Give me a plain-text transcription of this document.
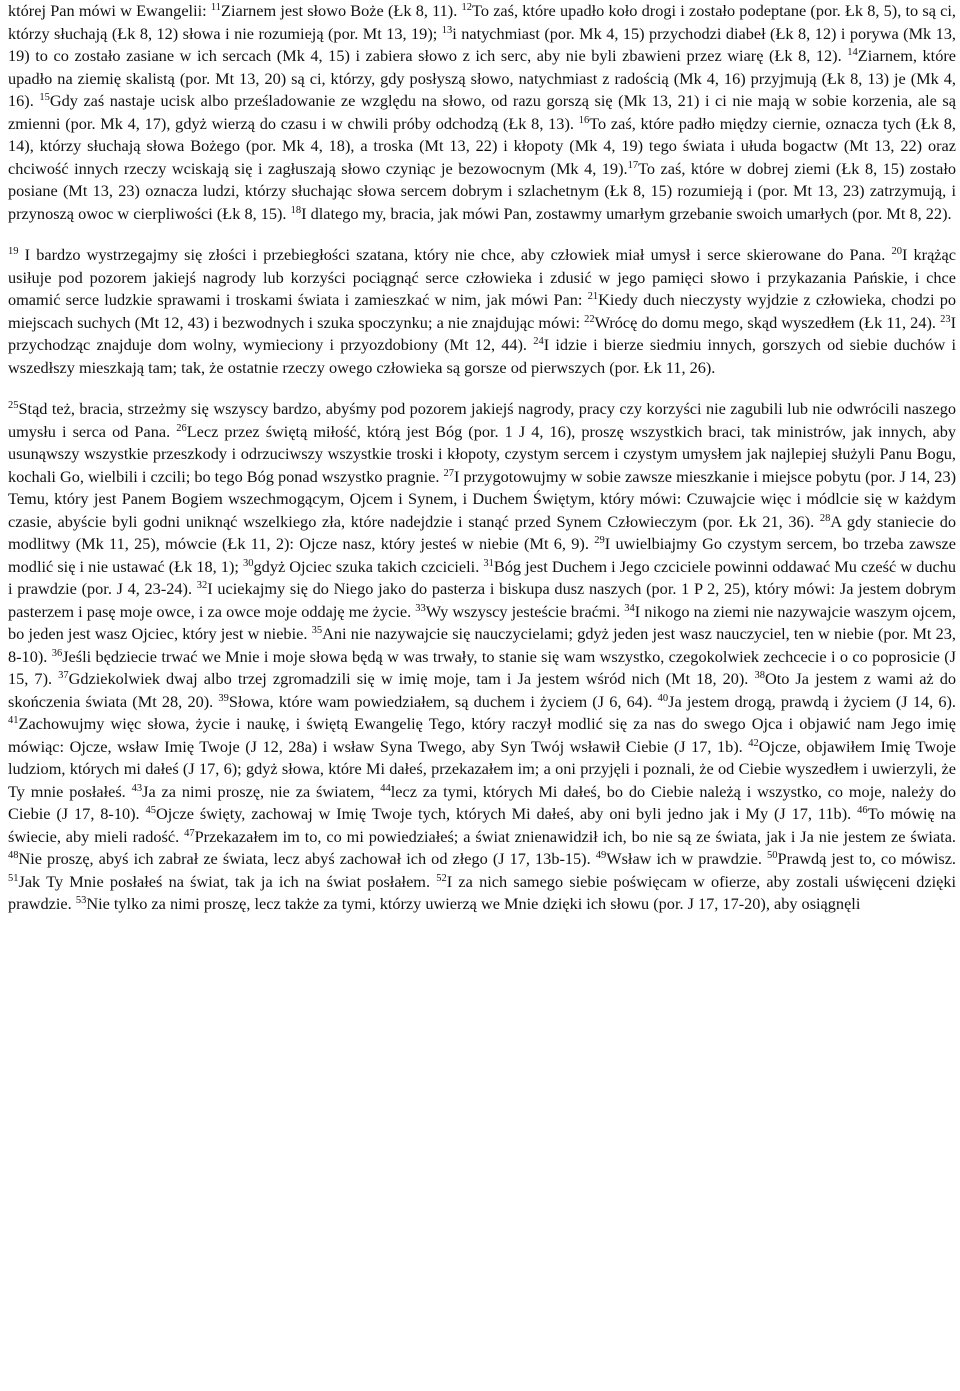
której Pan mówi w Ewangelii: $^{11}$Ziarnem jest słowo Boże (Łk 8, 11). $^{12}$To zaś, które upadło koło drogi i zostało podeptane (por. Łk 8, 5), to są ci, którzy słuchają (Łk 8, 12) słowa i nie rozumieją (por. Mt 13, 19); $^{13}$i natychmiast (por. Mk 4, 15) przychodzi diabeł (Łk 8, 12) i porywa (Mk 13, 19) to co zostało zasiane w ich sercach (Mk 4, 15) i zabiera słowo z ich serc, aby nie byli zbawieni przez wiarę (Łk 8, 12). $^{14}$Ziarnem, które upadło na ziemię skalistą (por. Mt 13, 20) są ci, którzy, gdy posłyszą słowo, natychmiast z radością (Mk 4, 16) przyjmują (Łk 8, 13) je (Mk 4, 16). $^{15}$Gdy zaś nastaje ucisk albo prześladowanie ze względu na słowo, od razu gorszą się (Mk 13, 21) i ci nie mają w sobie korzenia, ale są zmienni (por. Mk 4, 17), gdyż wierzą do czasu i w chwili próby odchodzą (Łk 8, 13). $^{16}$To zaś, które padło między ciernie, oznacza tych (Łk 8, 14), którzy słuchają słowa Bożego (por. Mk 4, 18), a troska (Mt 13, 22) i kłopoty (Mk 4, 19) tego świata i ułuda bogactw (Mt 13, 22) oraz chciwość innych rzeczy wciskają się i zagłuszają słowo czyniąc je bezowocnym (Mk 4, 19).$^{17}$To zaś, które w dobrej ziemi (Łk 8, 15) zostało posiane (Mt 13, 23) oznacza ludzi, którzy słuchając słowa sercem dobrym i szlachetnym (Łk 8, 15) rozumieją i (por. Mt 13, 23) zatrzymują, i przynoszą owoc w cierpliwości (Łk 8, 15). $^{18}$I dlatego my, bracia, jak mówi Pan, zostawmy umarłym grzebanie swoich umarłych (por. Mt 8, 22).

$^{19}$ I bardzo wystrzegajmy się złości i przebiegłości szatana, który nie chce, aby człowiek miał umysł i serce skierowane do Pana. $^{20}$I krążąc usiłuje pod pozorem jakiejś nagrody lub korzyści pociągnąć serce człowieka i zdusić w jego pamięci słowo i przykazania Pańskie, i chce omamić serce ludzkie sprawami i troskami świata i zamieszkać w nim, jak mówi Pan: $^{21}$Kiedy duch nieczysty wyjdzie z człowieka, chodzi po miejscach suchych (Mt 12, 43) i bezwodnych i szuka spoczynku; a nie znajdując mówi: $^{22}$Wrócę do domu mego, skąd wyszedłem (Łk 11, 24). $^{23}$I przychodząc znajduje dom wolny, wymieciony i przyozdobiony (Mt 12, 44). $^{24}$I idzie i bierze siedmiu innych, gorszych od siebie duchów i wszedłszy mieszkają tam; tak, że ostatnie rzeczy owego człowieka są gorsze od pierwszych (por. Łk 11, 26).

$^{25}$Stąd też, bracia, strzeżmy się wszyscy bardzo, abyśmy pod pozorem jakiejś nagrody, pracy czy korzyści nie zagubili lub nie odwrócili naszego umysłu i serca od Pana. $^{26}$Lecz przez świętą miłość, którą jest Bóg (por. 1 J 4, 16), proszę wszystkich braci, tak ministrów, jak innych, aby usunąwszy wszystkie przeszkody i odrzuciwszy wszystkie troski i kłopoty, czystym sercem i czystym umysłem jak najlepiej służyli Panu Bogu, kochali Go, wielbili i czcili; bo tego Bóg ponad wszystko pragnie. $^{27}$I przygotowujmy w sobie zawsze mieszkanie i miejsce pobytu (por. J 14, 23) Temu, który jest Panem Bogiem wszechmogącym, Ojcem i Synem, i Duchem Świętym, który mówi: Czuwajcie więc i módlcie się w każdym czasie, abyście byli godni uniknąć wszelkiego zła, które nadejdzie i stanąć przed Synem Człowieczym (por. Łk 21, 36). $^{28}$A gdy staniecie do modlitwy (Mk 11, 25), mówcie (Łk 11, 2): Ojcze nasz, który jesteś w niebie (Mt 6, 9). $^{29}$I uwielbiajmy Go czystym sercem, bo trzeba zawsze modlić się i nie ustawać (Łk 18, 1); $^{30}$gdyż Ojciec szuka takich czcicieli. $^{31}$Bóg jest Duchem i Jego czciciele powinni oddawać Mu cześć w duchu i prawdzie (por. J 4, 23-24). $^{32}$I uciekajmy się do Niego jako do pasterza i biskupa dusz naszych (por. 1 P 2, 25), który mówi: Ja jestem dobrym pasterzem i pasę moje owce, i za owce moje oddaję me życie. $^{33}$Wy wszyscy jesteście braćmi. $^{34}$I nikogo na ziemi nie nazywajcie waszym ojcem, bo jeden jest wasz Ojciec, który jest w niebie. $^{35}$Ani nie nazywajcie się nauczycielami; gdyż jeden jest wasz nauczyciel, ten w niebie (por. Mt 23, 8-10). $^{36}$Jeśli będziecie trwać we Mnie i moje słowa będą w was trwały, to stanie się wam wszystko, czegokolwiek zechcecie i o co poprosicie (J 15, 7). $^{37}$Gdziekolwiek dwaj albo trzej zgromadzili się w imię moje, tam i Ja jestem wśród nich (Mt 18, 20). $^{38}$Oto Ja jestem z wami aż do skończenia świata (Mt 28, 20). $^{39}$Słowa, które wam powiedziałem, są duchem i życiem (J 6, 64). $^{40}$Ja jestem drogą, prawdą i życiem (J 14, 6). $^{41}$Zachowujmy więc słowa, życie i naukę, i świętą Ewangelię Tego, który raczył modlić się za nas do swego Ojca i objawić nam Jego imię mówiąc: Ojcze, wsław Imię Twoje (J 12, 28a) i wsław Syna Twego, aby Syn Twój wsławił Ciebie (J 17, 1b). $^{42}$Ojcze, objawiłem Imię Twoje ludziom, których mi dałeś (J 17, 6); gdyż słowa, które Mi dałeś, przekazałem im; a oni przyjęli i poznali, że od Ciebie wyszedłem i uwierzyli, że Ty mnie posłałeś. $^{43}$Ja za nimi proszę, nie za światem, $^{44}$lecz za tymi, których Mi dałeś, bo do Ciebie należą i wszystko, co moje, należy do Ciebie (J 17, 8-10). $^{45}$Ojcze święty, zachowaj w Imię Twoje tych, których Mi dałeś, aby oni byli jedno jak i My (J 17, 11b). $^{46}$To mówię na świecie, aby mieli radość. $^{47}$Przekazałem im to, co mi powiedziałeś; a świat znienawidził ich, bo nie są ze świata, jak i Ja nie jestem ze świata. $^{48}$Nie proszę, abyś ich zabrał ze świata, lecz abyś zachował ich od złego (J 17, 13b-15). $^{49}$Wsław ich w prawdzie. $^{50}$Prawdą jest to, co mówisz. $^{51}$Jak Ty Mnie posłałeś na świat, tak ja ich na świat posłałem. $^{52}$I za nich samego siebie poświęcam w ofierze, aby zostali uświęceni dzięki prawdzie. $^{53}$Nie tylko za nimi proszę, lecz także za tymi, którzy uwierzą we Mnie dzięki ich słowu (por. J 17, 17-20), aby osiągnęli
